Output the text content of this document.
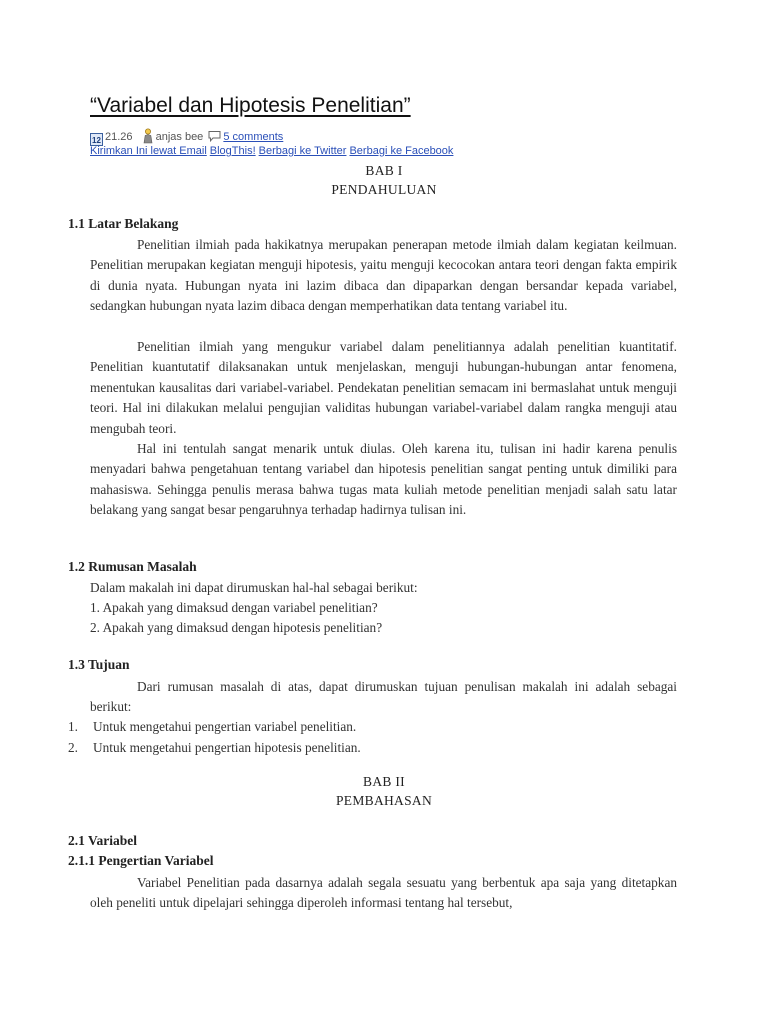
“Variabel dan Hipotesis Penelitian”
12 21.26 anjas bee 5 comments
Kirimkan Ini lewat Email BlogThis! Berbagi ke Twitter Berbagi ke Facebook
BAB I
PENDAHULUAN
1.1 Latar Belakang
Penelitian ilmiah pada hakikatnya merupakan penerapan metode ilmiah dalam kegiatan keilmuan. Penelitian merupakan kegiatan menguji hipotesis, yaitu menguji kecocokan antara teori dengan fakta empirik di dunia nyata. Hubungan nyata ini lazim dibaca dan dipaparkan dengan bersandar kepada variabel, sedangkan hubungan nyata lazim dibaca dengan memperhatikan data tentang variabel itu.
Penelitian ilmiah yang mengukur variabel dalam penelitiannya adalah penelitian kuantitatif. Penelitian kuantutatif dilaksanakan untuk menjelaskan, menguji hubungan-hubungan antar fenomena, menentukan kausalitas dari variabel-variabel. Pendekatan penelitian semacam ini bermaslahat untuk menguji teori. Hal ini dilakukan melalui pengujian validitas hubungan variabel-variabel dalam rangka menguji atau mengubah teori.
Hal ini tentulah sangat menarik untuk diulas. Oleh karena itu, tulisan ini hadir karena penulis menyadari bahwa pengetahuan tentang variabel dan hipotesis penelitian sangat penting untuk dimiliki para mahasiswa. Sehingga penulis merasa bahwa tugas mata kuliah metode penelitian menjadi salah satu latar belakang yang sangat besar pengaruhnya terhadap hadirnya tulisan ini.
1.2 Rumusan Masalah
Dalam makalah ini dapat dirumuskan hal-hal sebagai berikut:
1. Apakah yang dimaksud dengan variabel penelitian?
2. Apakah yang dimaksud dengan hipotesis penelitian?
1.3 Tujuan
Dari rumusan masalah di atas, dapat dirumuskan tujuan penulisan makalah ini adalah sebagai berikut:
1. Untuk mengetahui pengertian variabel penelitian.
2. Untuk mengetahui pengertian hipotesis penelitian.
BAB II
PEMBAHASAN
2.1 Variabel
2.1.1 Pengertian Variabel
Variabel Penelitian pada dasarnya adalah segala sesuatu yang berbentuk apa saja yang ditetapkan oleh peneliti untuk dipelajari sehingga diperoleh informasi tentang hal tersebut,
